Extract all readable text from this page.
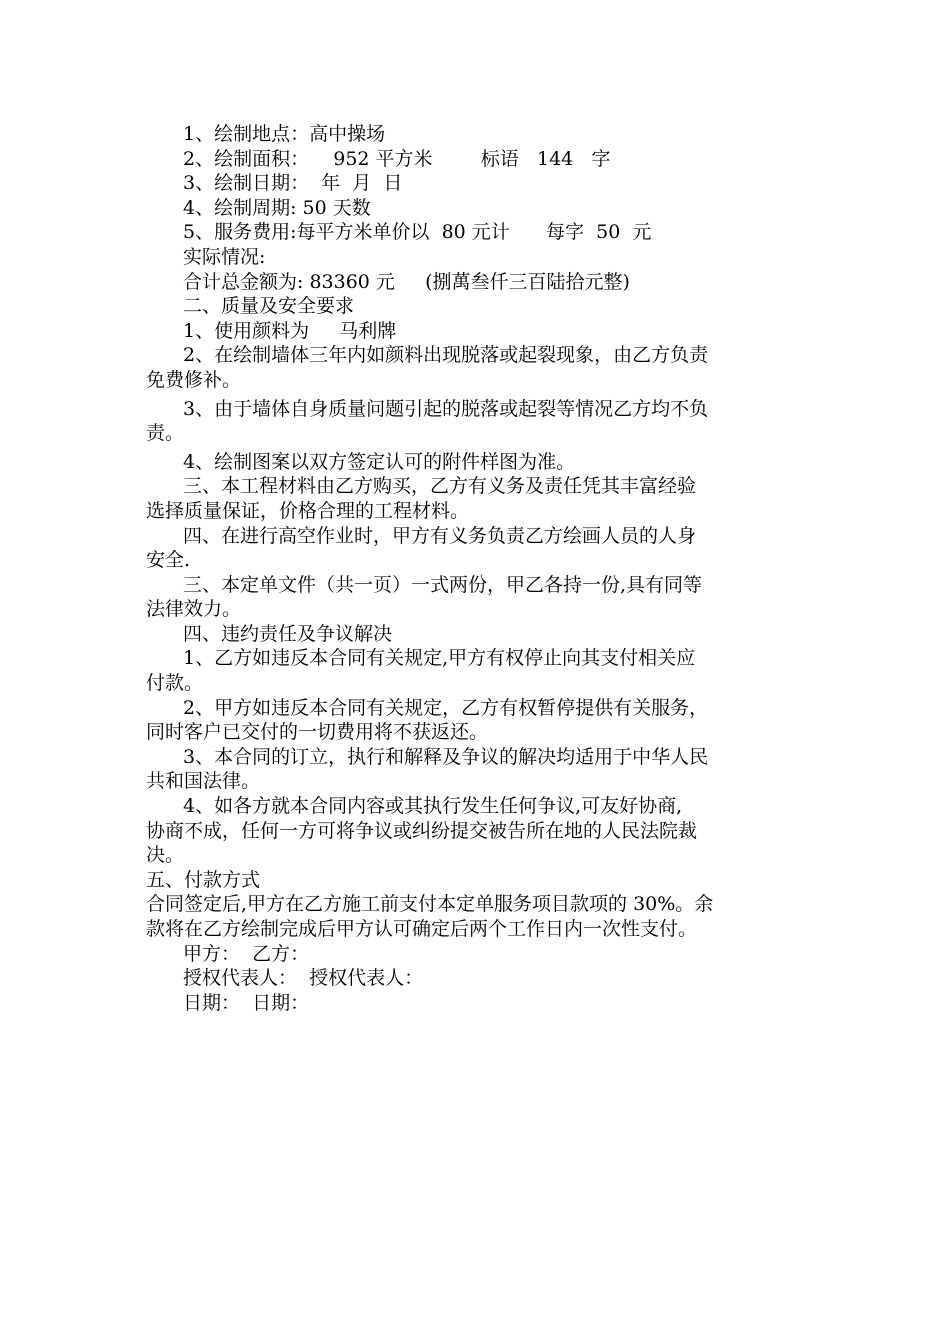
1、绘制地点：高中操场
2、绘制面积：    952 平方米        标语   144   字
3、绘制日期：  年  月  日
4、绘制周期: 50 天数
5、服务费用:每平方米单价以  80 元计      每字  50  元
实际情况:
合计总金额为: 83360 元     (捌萬叁仟三百陆拾元整)
二、质量及安全要求
1、使用颜料为     马利牌
2、在绘制墙体三年内如颜料出现脱落或起裂现象，由乙方负责
免费修补。
3、由于墙体自身质量问题引起的脱落或起裂等情况乙方均不负
责。
4、绘制图案以双方签定认可的附件样图为准。
三、本工程材料由乙方购买，乙方有义务及责任凭其丰富经验
选择质量保证，价格合理的工程材料。
四、在进行高空作业时，甲方有义务负责乙方绘画人员的人身
安全.
三、本定单文件（共一页）一式两份，甲乙各持一份,具有同等
法律效力。
四、违约责任及争议解决
1、乙方如违反本合同有关规定,甲方有权停止向其支付相关应
付款。
2、甲方如违反本合同有关规定，乙方有权暂停提供有关服务，
同时客户已交付的一切费用将不获返还。
3、本合同的订立，执行和解释及争议的解决均适用于中华人民
共和国法律。
4、如各方就本合同内容或其执行发生任何争议,可友好协商,
协商不成，任何一方可将争议或纠纷提交被告所在地的人民法院裁
决。
五、付款方式
合同签定后,甲方在乙方施工前支付本定单服务项目款项的 30%。余
款将在乙方绘制完成后甲方认可确定后两个工作日内一次性支付。
甲方：  乙方：
授权代表人：  授权代表人：
日期：  日期：
